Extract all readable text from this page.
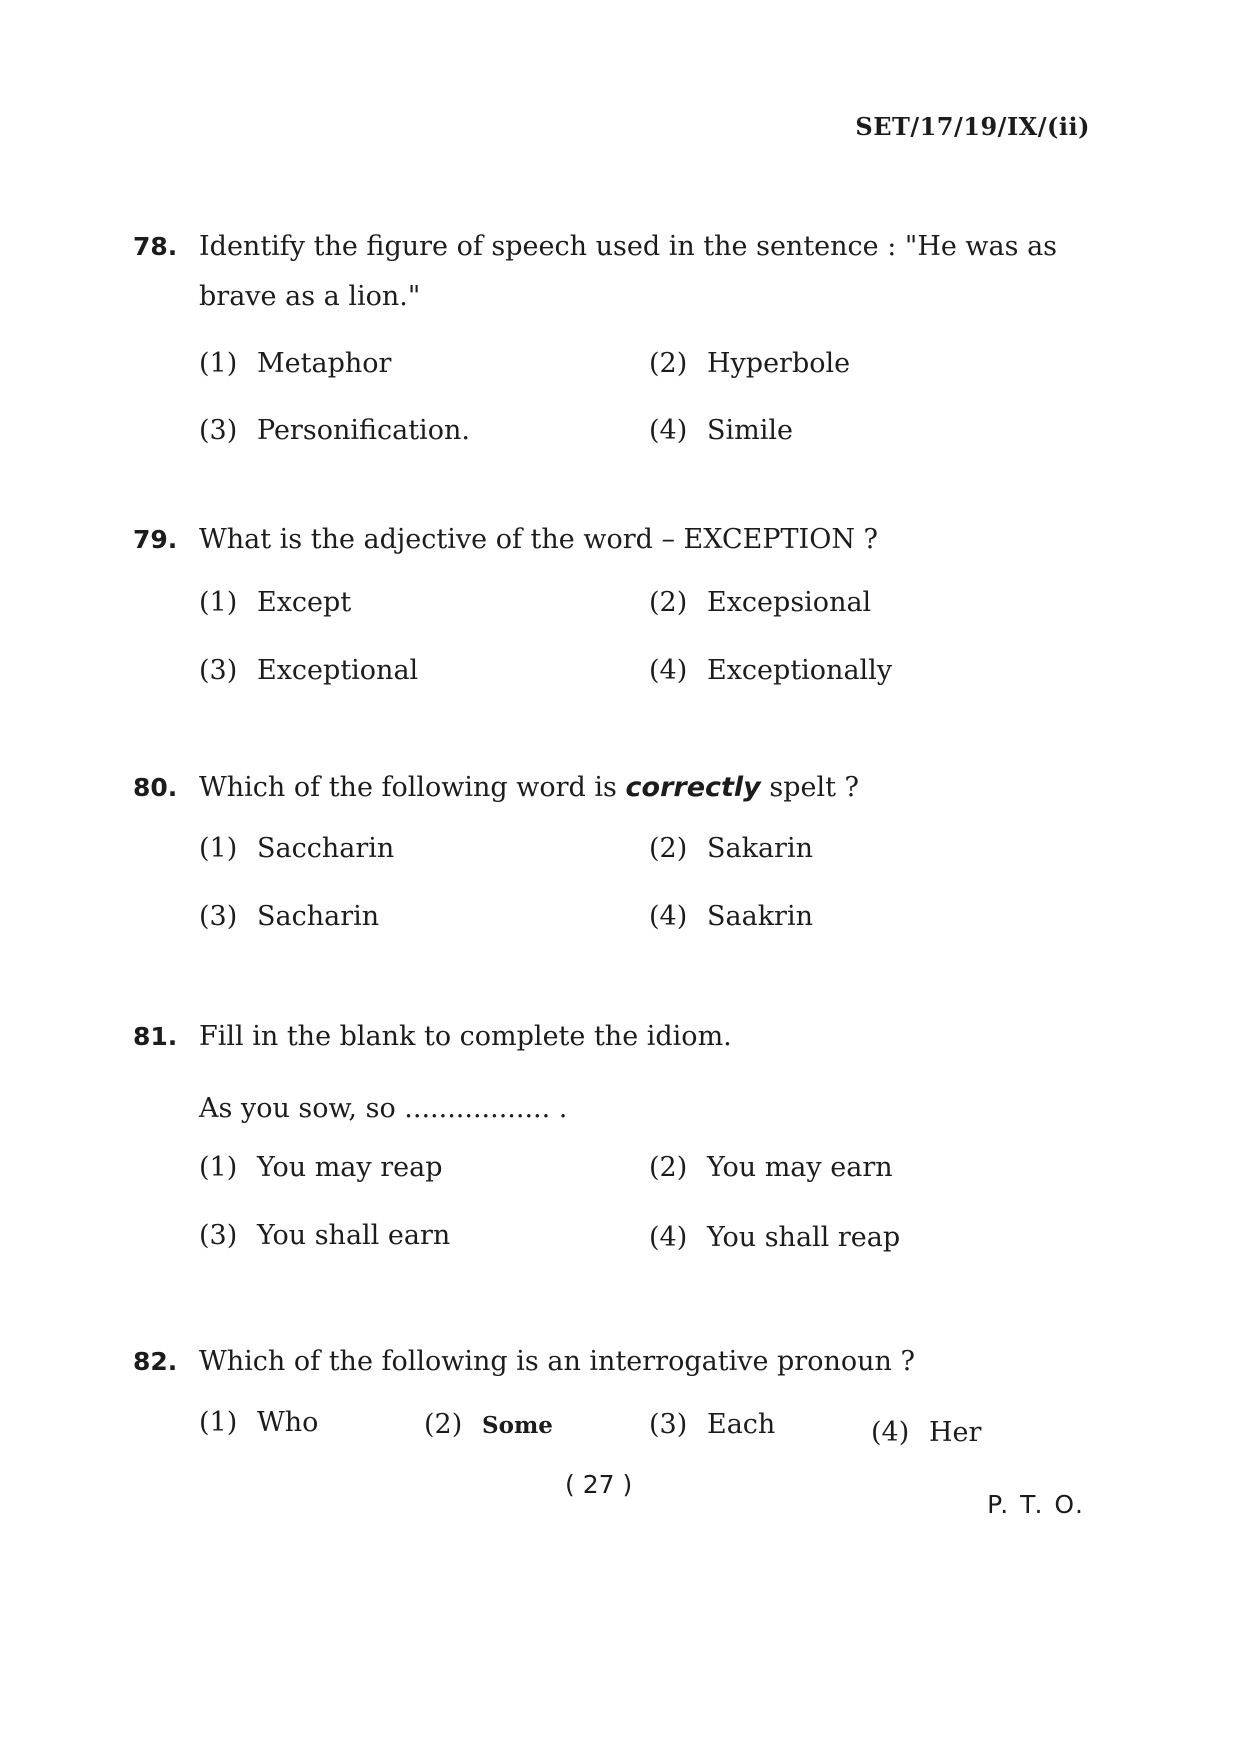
SET/17/19/IX/(ii)
78. Identify the figure of speech used in the sentence : "He was as
brave as a lion."
(1) Metaphor	(2) Hyperbole
(3) Personification.	(4) Simile
79. What is the adjective of the word – EXCEPTION ?
(1) Except	(2) Excepsional
(3) Exceptional	(4) Exceptionally
80. Which of the following word is correctly spelt ?
(1) Saccharin	(2) Sakarin
(3) Sacharin	(4) Saakrin
81. Fill in the blank to complete the idiom.
As you sow, so ................. .
(1) You may reap	(2) You may earn
(3) You shall earn	(4) You shall reap
82. Which of the following is an interrogative pronoun ?
(1) Who	(2) Some	(3) Each	(4) Her
( 27 )
P. T. O.
